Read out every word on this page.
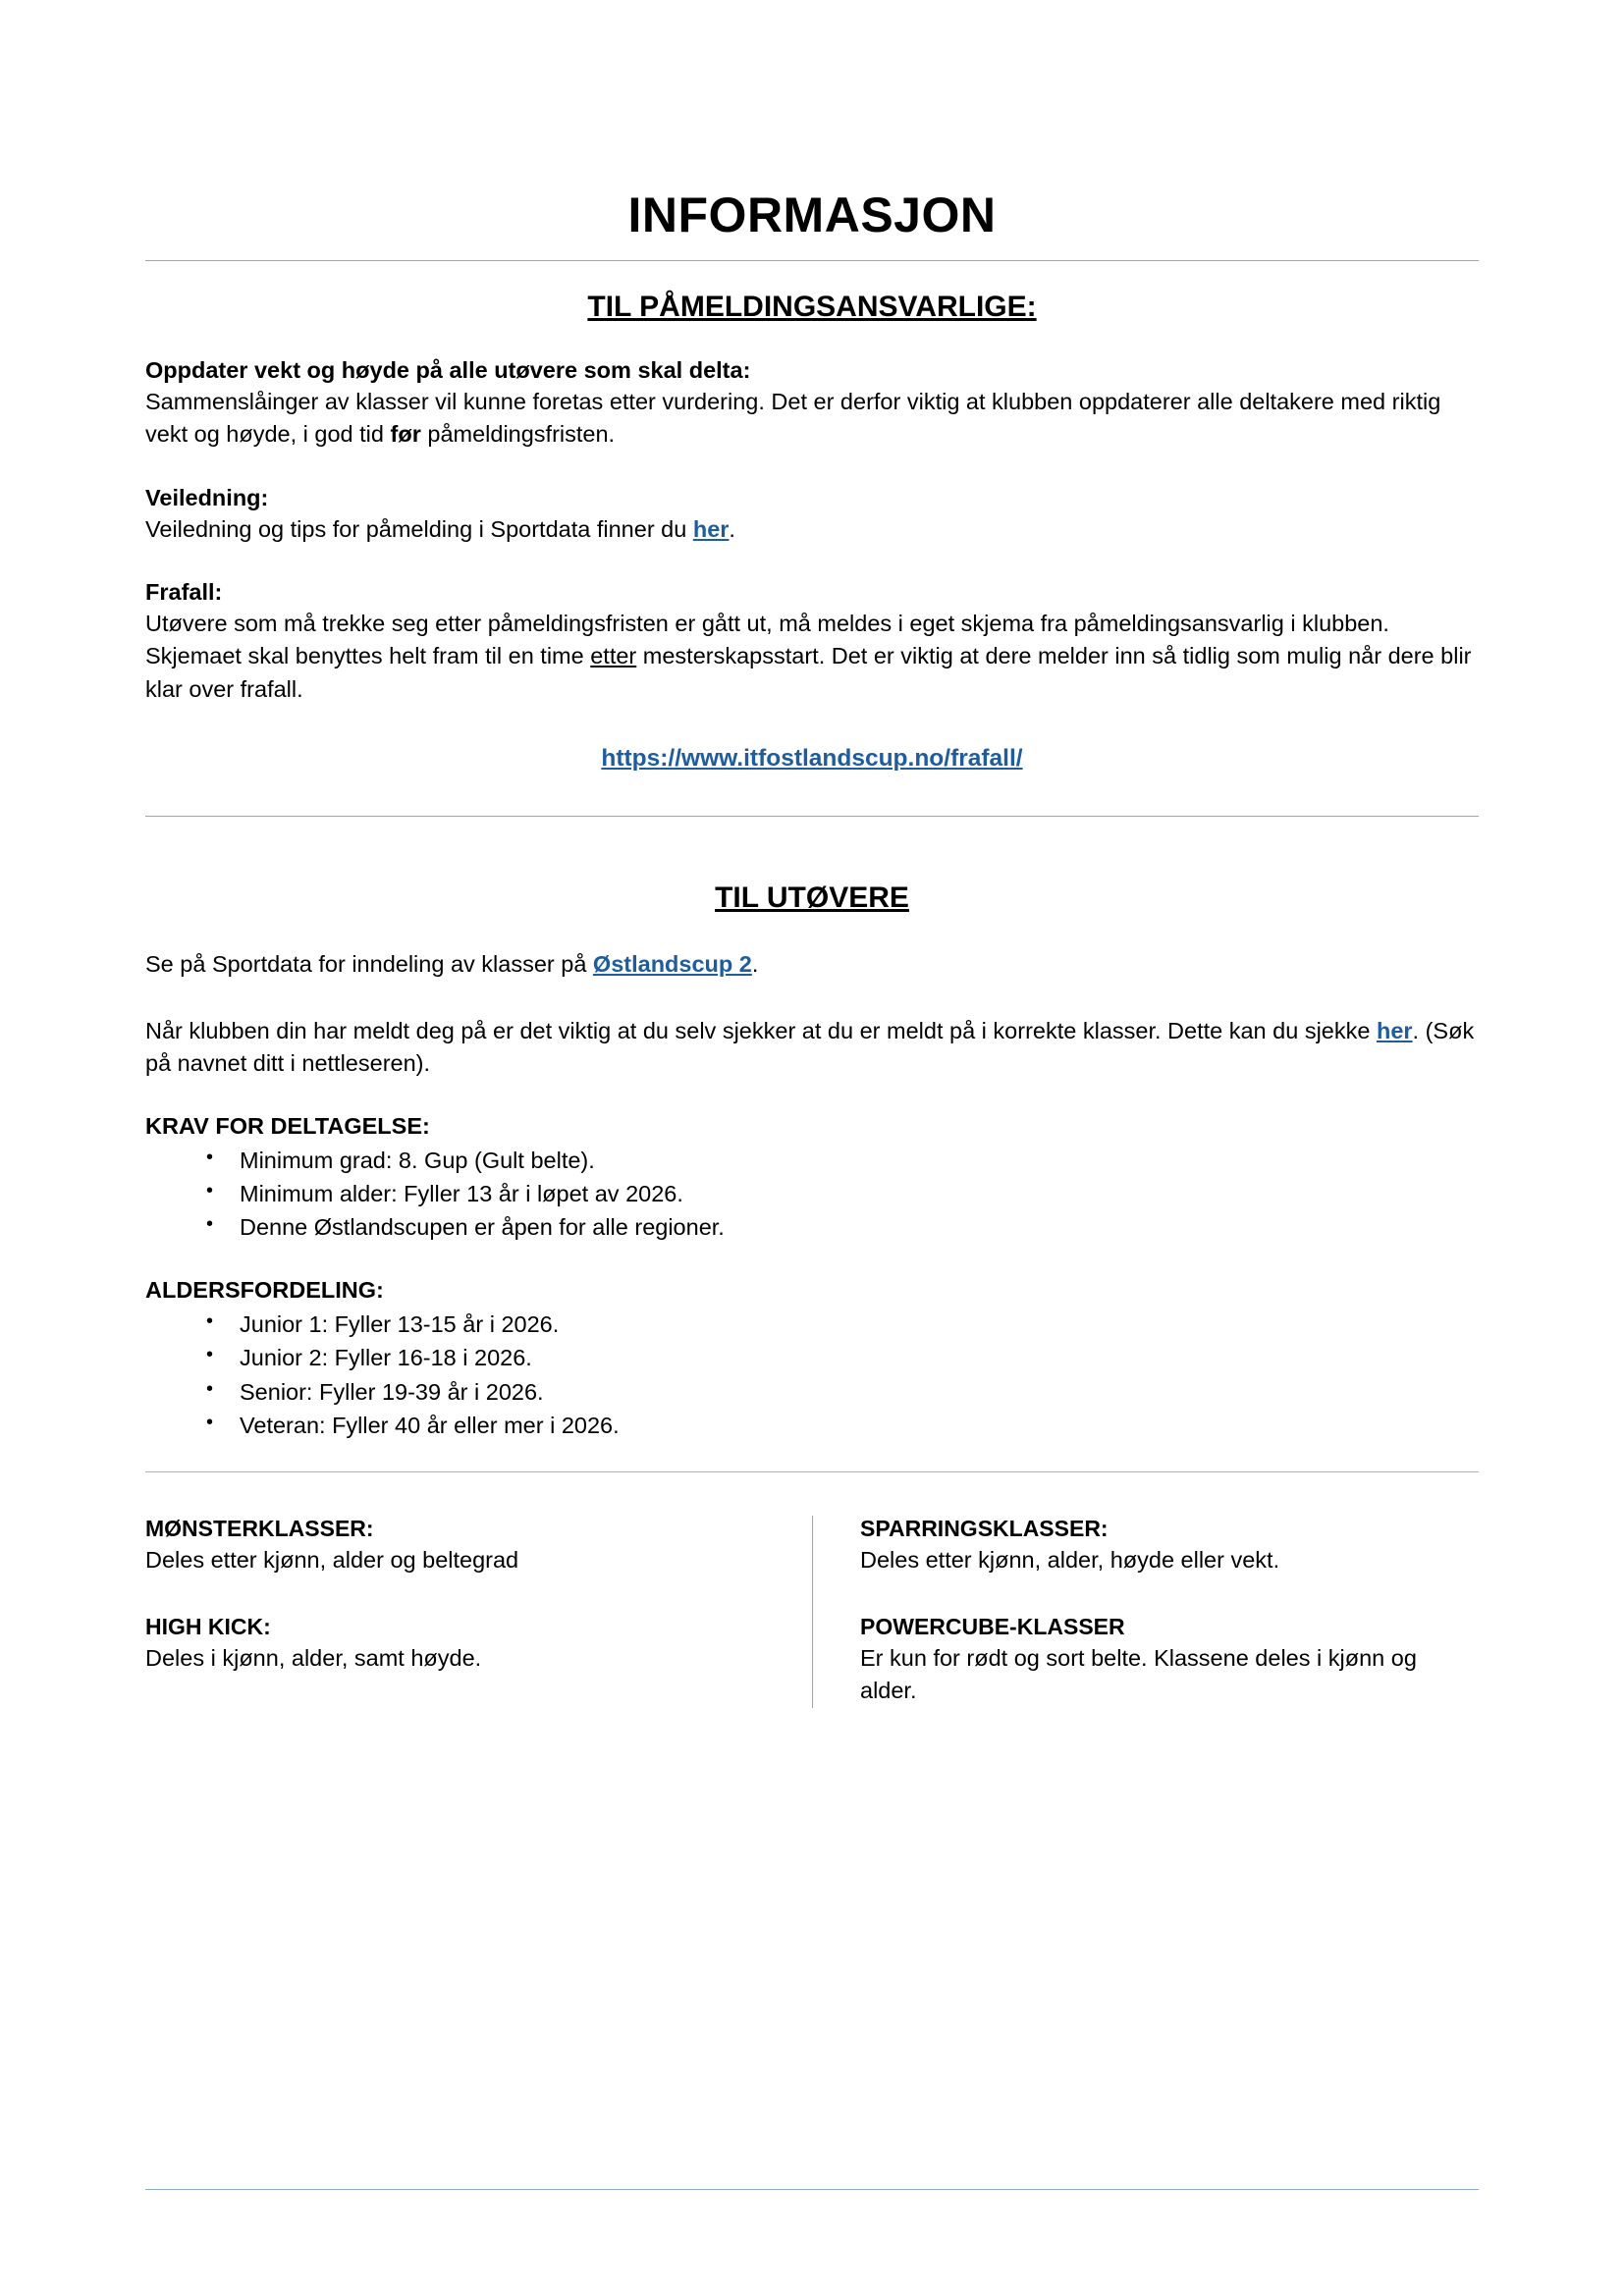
INFORMASJON
TIL PÅMELDINGSANSVARLIGE:
Oppdater vekt og høyde på alle utøvere som skal delta:

Sammenslåinger av klasser vil kunne foretas etter vurdering. Det er derfor viktig at klubben oppdaterer alle deltakere med riktig vekt og høyde, i god tid før påmeldingsfristen.

Veiledning:

Veiledning og tips for påmelding i Sportdata finner du her.

Frafall:

Utøvere som må trekke seg etter påmeldingsfristen er gått ut, må meldes i eget skjema fra påmeldingsansvarlig i klubben.

Skjemaet skal benyttes helt fram til en time etter mesterskapsstart. Det er viktig at dere melder inn så tidlig som mulig når dere blir klar over frafall.

https://www.itfostlandscup.no/frafall/
TIL UTØVERE

Se på Sportdata for inndeling av klasser på Østlandscup 2.

Når klubben din har meldt deg på er det viktig at du selv sjekker at du er meldt på i korrekte klasser. Dette kan du sjekke her. (Søk på navnet ditt i nettleseren).

KRAV FOR DELTAGELSE:
• Minimum grad: 8. Gup (Gult belte).
• Minimum alder: Fyller 13 år i løpet av 2026.
• Denne Østlandscupen er åpen for alle regioner.
ALDERSFORDELING:
• Junior 1: Fyller 13-15 år i 2026.
• Junior 2: Fyller 16-18 i 2026.
• Senior: Fyller 19-39 år i 2026.
• Veteran: Fyller 40 år eller mer i 2026.
MØNSTERKLASSER:

Deles etter kjønn, alder og beltegrad

HIGH KICK:

Deles i kjønn, alder, samt høyde.

SPARRINGSKLASSER:

Deles etter kjønn, alder, høyde eller vekt.

POWERCUBE-KLASSER

Er kun for rødt og sort belte. Klassene deles i kjønn og alder.
